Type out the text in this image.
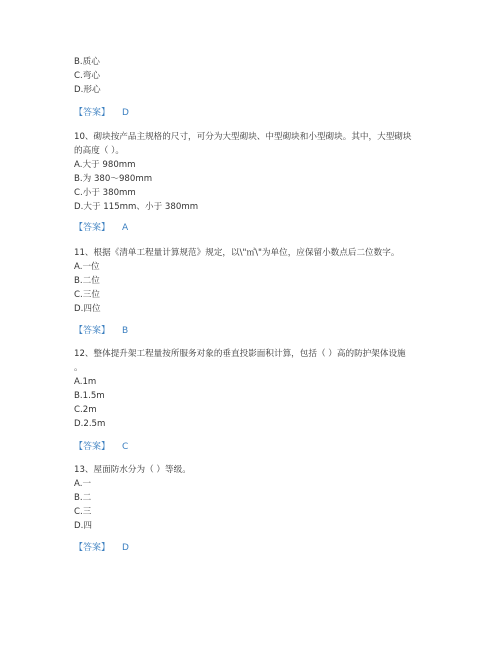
B.质心
C.弯心
D.形心
【答案】 D
10、砌块按产品主规格的尺寸，可分为大型砌块、中型砌块和小型砌块。其中，大型砌块
的高度（ ）。
A.大于 980mm
B.为 380～980mm
C.小于 380mm
D.大于 115mm、小于 380mm
【答案】 A
11、根据《清单工程量计算规范》规定，以\"㎡\"为单位，应保留小数点后二位数字。
A.一位
B.二位
C.三位
D.四位
【答案】 B
12、整体提升架工程量按所服务对象的垂直投影面积计算，包括（ ）高的防护架体设施
。
A.1m
B.1.5m
C.2m
D.2.5m
【答案】 C
13、屋面防水分为（ ）等级。
A.一
B.二
C.三
D.四
【答案】 D
